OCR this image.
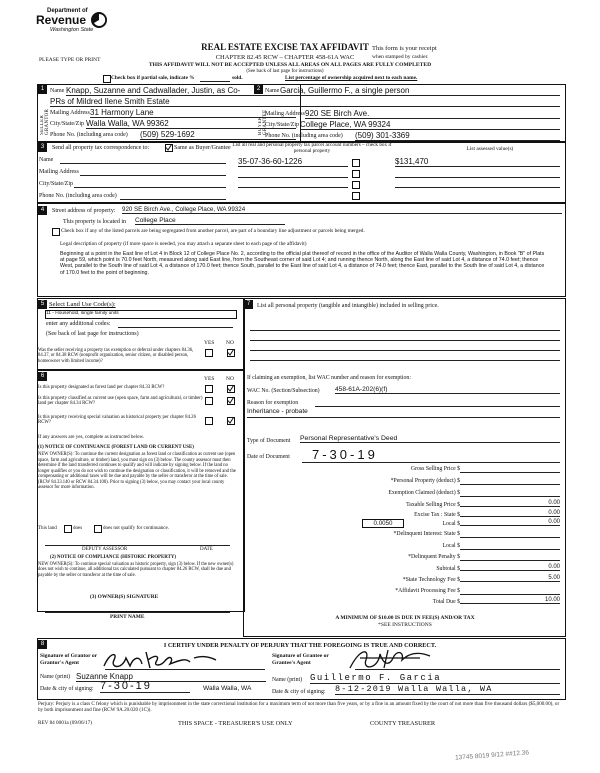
Department of
Revenue
Washington State
PLEASE TYPE OR PRINT
REAL ESTATE EXCISE TAX AFFIDAVIT
CHAPTER 82.45 RCW – CHAPTER 458-61A WAC
THIS AFFIDAVIT WILL NOT BE ACCEPTED UNLESS ALL AREAS ON ALL PAGES ARE FULLY COMPLETED
(See back of last page for instructions)
This form is your receipt
when stamped by cashier.
Check box if partial sale, indicate %	sold.	List percentage of ownership acquired next to each name.
1
SELLER GRANTOR
Name Knapp, Suzanne and Cadwallader, Justin, as Co-
PRs of Mildred Ilene Smith Estate
Mailing Address 31 Harmony Lane
City/State/Zip Walla Walla, WA 99362
Phone No. (including area code) (509) 529-1692
2
BUYER GRANTEE
Name Garcia, Guillermo F., a single person
Mailing Address 920 SE Birch Ave.
City/State/Zip College Place, WA 99324
Phone No. (including area code) (509) 301-3369
3	Send all property tax correspondence to:	Same as Buyer/Grantee
Name
Mailing Address
City/State/Zip
Phone No. (including area code)
List all real and personal property tax parcel account numbers – check box if personal property	List assessed value(s)
35-07-36-60-1226	$131,470
4	Street address of property: 920 SE Birch Ave., College Place, WA 99324
This property is located in College Place
Check box if any of the listed parcels are being segregated from another parcel, are part of a boundary line adjustment or parcels being merged.
Legal description of property (if more space is needed, you may attach a separate sheet to each page of the affidavit)
Beginning at a point in the East line of Lot 4 in Block 12 of College Place No. 2, according to the official plat thereof of record in the office of the Auditor of Walla Walla County, Washington, in Book "B" of Plats at page 59, which point is 70.0 feet North, measured along said East line, from the Southeast corner of said Lot 4; and running thence North, along the East line of said Lot 4, a distance of 74.0 feet; thence West, parallel to the South line of said Lot 4, a distance of 170.0 feet; thence South, parallel to the East line of said Lot 4, a distance of 74.0 feet; thence East, parallel to the South line of said Lot 4, a distance of 170.0 feet to the point of beginning.
5 Select Land Use Code(s):
11 - Household, single family units
enter any additional codes:
(See back of last page for instructions)
YES NO
Was the seller receiving a property tax exemption or deferral under chapters 84.36, 84.37, or 84.38 RCW (nonprofit organization, senior citizen, or disabled person, homeowner with limited income)?
6	YES NO
Is this property designated as forest land per chapter 84.33 RCW?
Is this property classified as current use (open space, farm and agricultural, or timber) land per chapter 84.34 RCW?
Is this property receiving special valuation as historical property per chapter 84.26 RCW?
If any answers are yes, complete as instructed below.
(1) NOTICE OF CONTINUANCE (FOREST LAND OR CURRENT USE)
NEW OWNER(S): To continue the current designation as forest land or classification as current use (open space, farm and agriculture, or timber) land, you must sign on (3) below. The county assessor must then determine if the land transferred continues to qualify and will indicate by signing below. If the land no longer qualifies or you do not wish to continue the designation or classification, it will be removed and the compensating or additional taxes will be due and payable by the seller or transferor at the time of sale. (RCW 84.33.140 or RCW 84.34.108). Prior to signing (3) below, you may contact your local county assessor for more information.
This land	does	does not qualify for continuance.
DEPUTY ASSESSOR	DATE
(2) NOTICE OF COMPLIANCE (HISTORIC PROPERTY)
NEW OWNER(S): To continue special valuation as historic property, sign (3) below. If the new owner(s) does not wish to continue, all additional tax calculated pursuant to chapter 84.26 RCW, shall be due and payable by the seller or transferor at the time of sale.
(3) OWNER(S) SIGNATURE
PRINT NAME
7	List all personal property (tangible and intangible) included in selling price.
If claiming an exemption, list WAC number and reason for exemption:
WAC No. (Section/Subsection) 458-61A-202(6)(f)
Reason for exemption
Inheritance - probate
Type of Document Personal Representative's Deed
Date of Document	7-30-19
Gross Selling Price $
*Personal Property (deduct) $
Exemption Claimed (deduct) $
Taxable Selling Price $	0.00
Excise Tax : State $	0.00
0.0050	Local $	0.00
*Delinquent Interest: State $
Local $
*Delinquent Penalty $
Subtotal $	0.00
*State Technology Fee $	5.00
*Affidavit Processing Fee $
Total Due $	10.00
A MINIMUM OF $10.00 IS DUE IN FEE(S) AND/OR TAX
*SEE INSTRUCTIONS
8	I CERTIFY UNDER PENALTY OF PERJURY THAT THE FOREGOING IS TRUE AND CORRECT.
Signature of Grantor or Grantor's Agent
Name (print) Suzanne Knapp
Date & city of signing: 7-30-19	Walla Walla, WA
Signature of Grantee or Grantee's Agent
Name (print) Guillermo F. Garcia
Date & city of signing: 8-12-2019 Walla Walla, WA
Perjury: Perjury is a class C felony which is punishable by imprisonment in the state correctional institution for a maximum term of not more than five years, or by a fine in an amount fixed by the court of not more than five thousand dollars ($5,000.00), or by both imprisonment and fine (RCW 9A.20.020 (1C)).
REV 84 0001a (09/06/17)	THIS SPACE - TREASURER'S USE ONLY	COUNTY TREASURER
13745 8019 9/12 ##12.36
